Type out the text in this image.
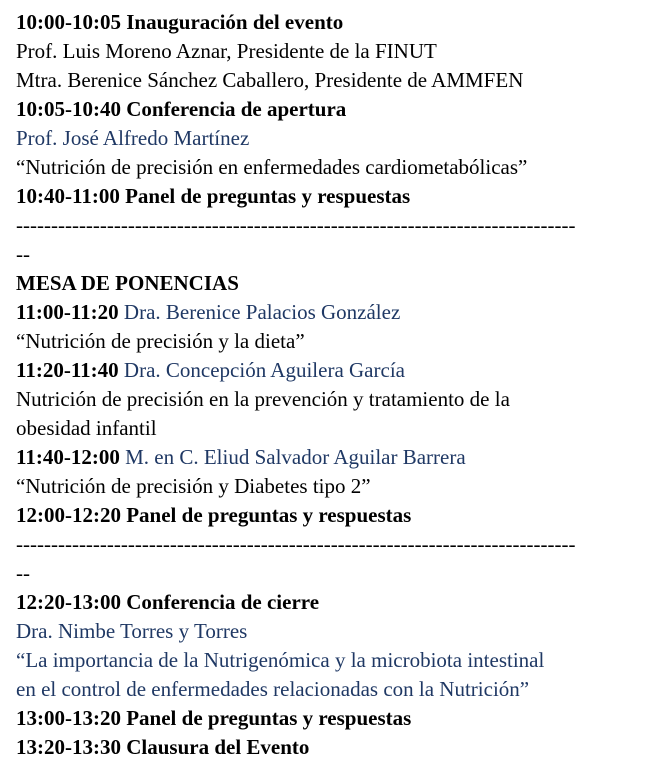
10:00-10:05 Inauguración del evento
Prof. Luis Moreno Aznar, Presidente de la FINUT
Mtra. Berenice Sánchez Caballero, Presidente de AMMFEN
10:05-10:40 Conferencia de apertura
Prof. José Alfredo Martínez
“Nutrición de precisión en enfermedades cardiometabólicas”
10:40-11:00 Panel de preguntas y respuestas
--------------------------------------------------------------------------------
--
MESA DE PONENCIAS
11:00-11:20 Dra. Berenice Palacios González
“Nutrición de precisión y la dieta”
11:20-11:40 Dra. Concepción Aguilera García
Nutrición de precisión en la prevención y tratamiento de la
obesidad infantil
11:40-12:00 M. en C. Eliud Salvador Aguilar Barrera
“Nutrición de precisión y Diabetes tipo 2”
12:00-12:20 Panel de preguntas y respuestas
--------------------------------------------------------------------------------
--
12:20-13:00 Conferencia de cierre
Dra. Nimbe Torres y Torres
“La importancia de la Nutrigenómica y la microbiota intestinal
en el control de enfermedades relacionadas con la Nutrición”
13:00-13:20 Panel de preguntas y respuestas
13:20-13:30 Clausura del Evento
